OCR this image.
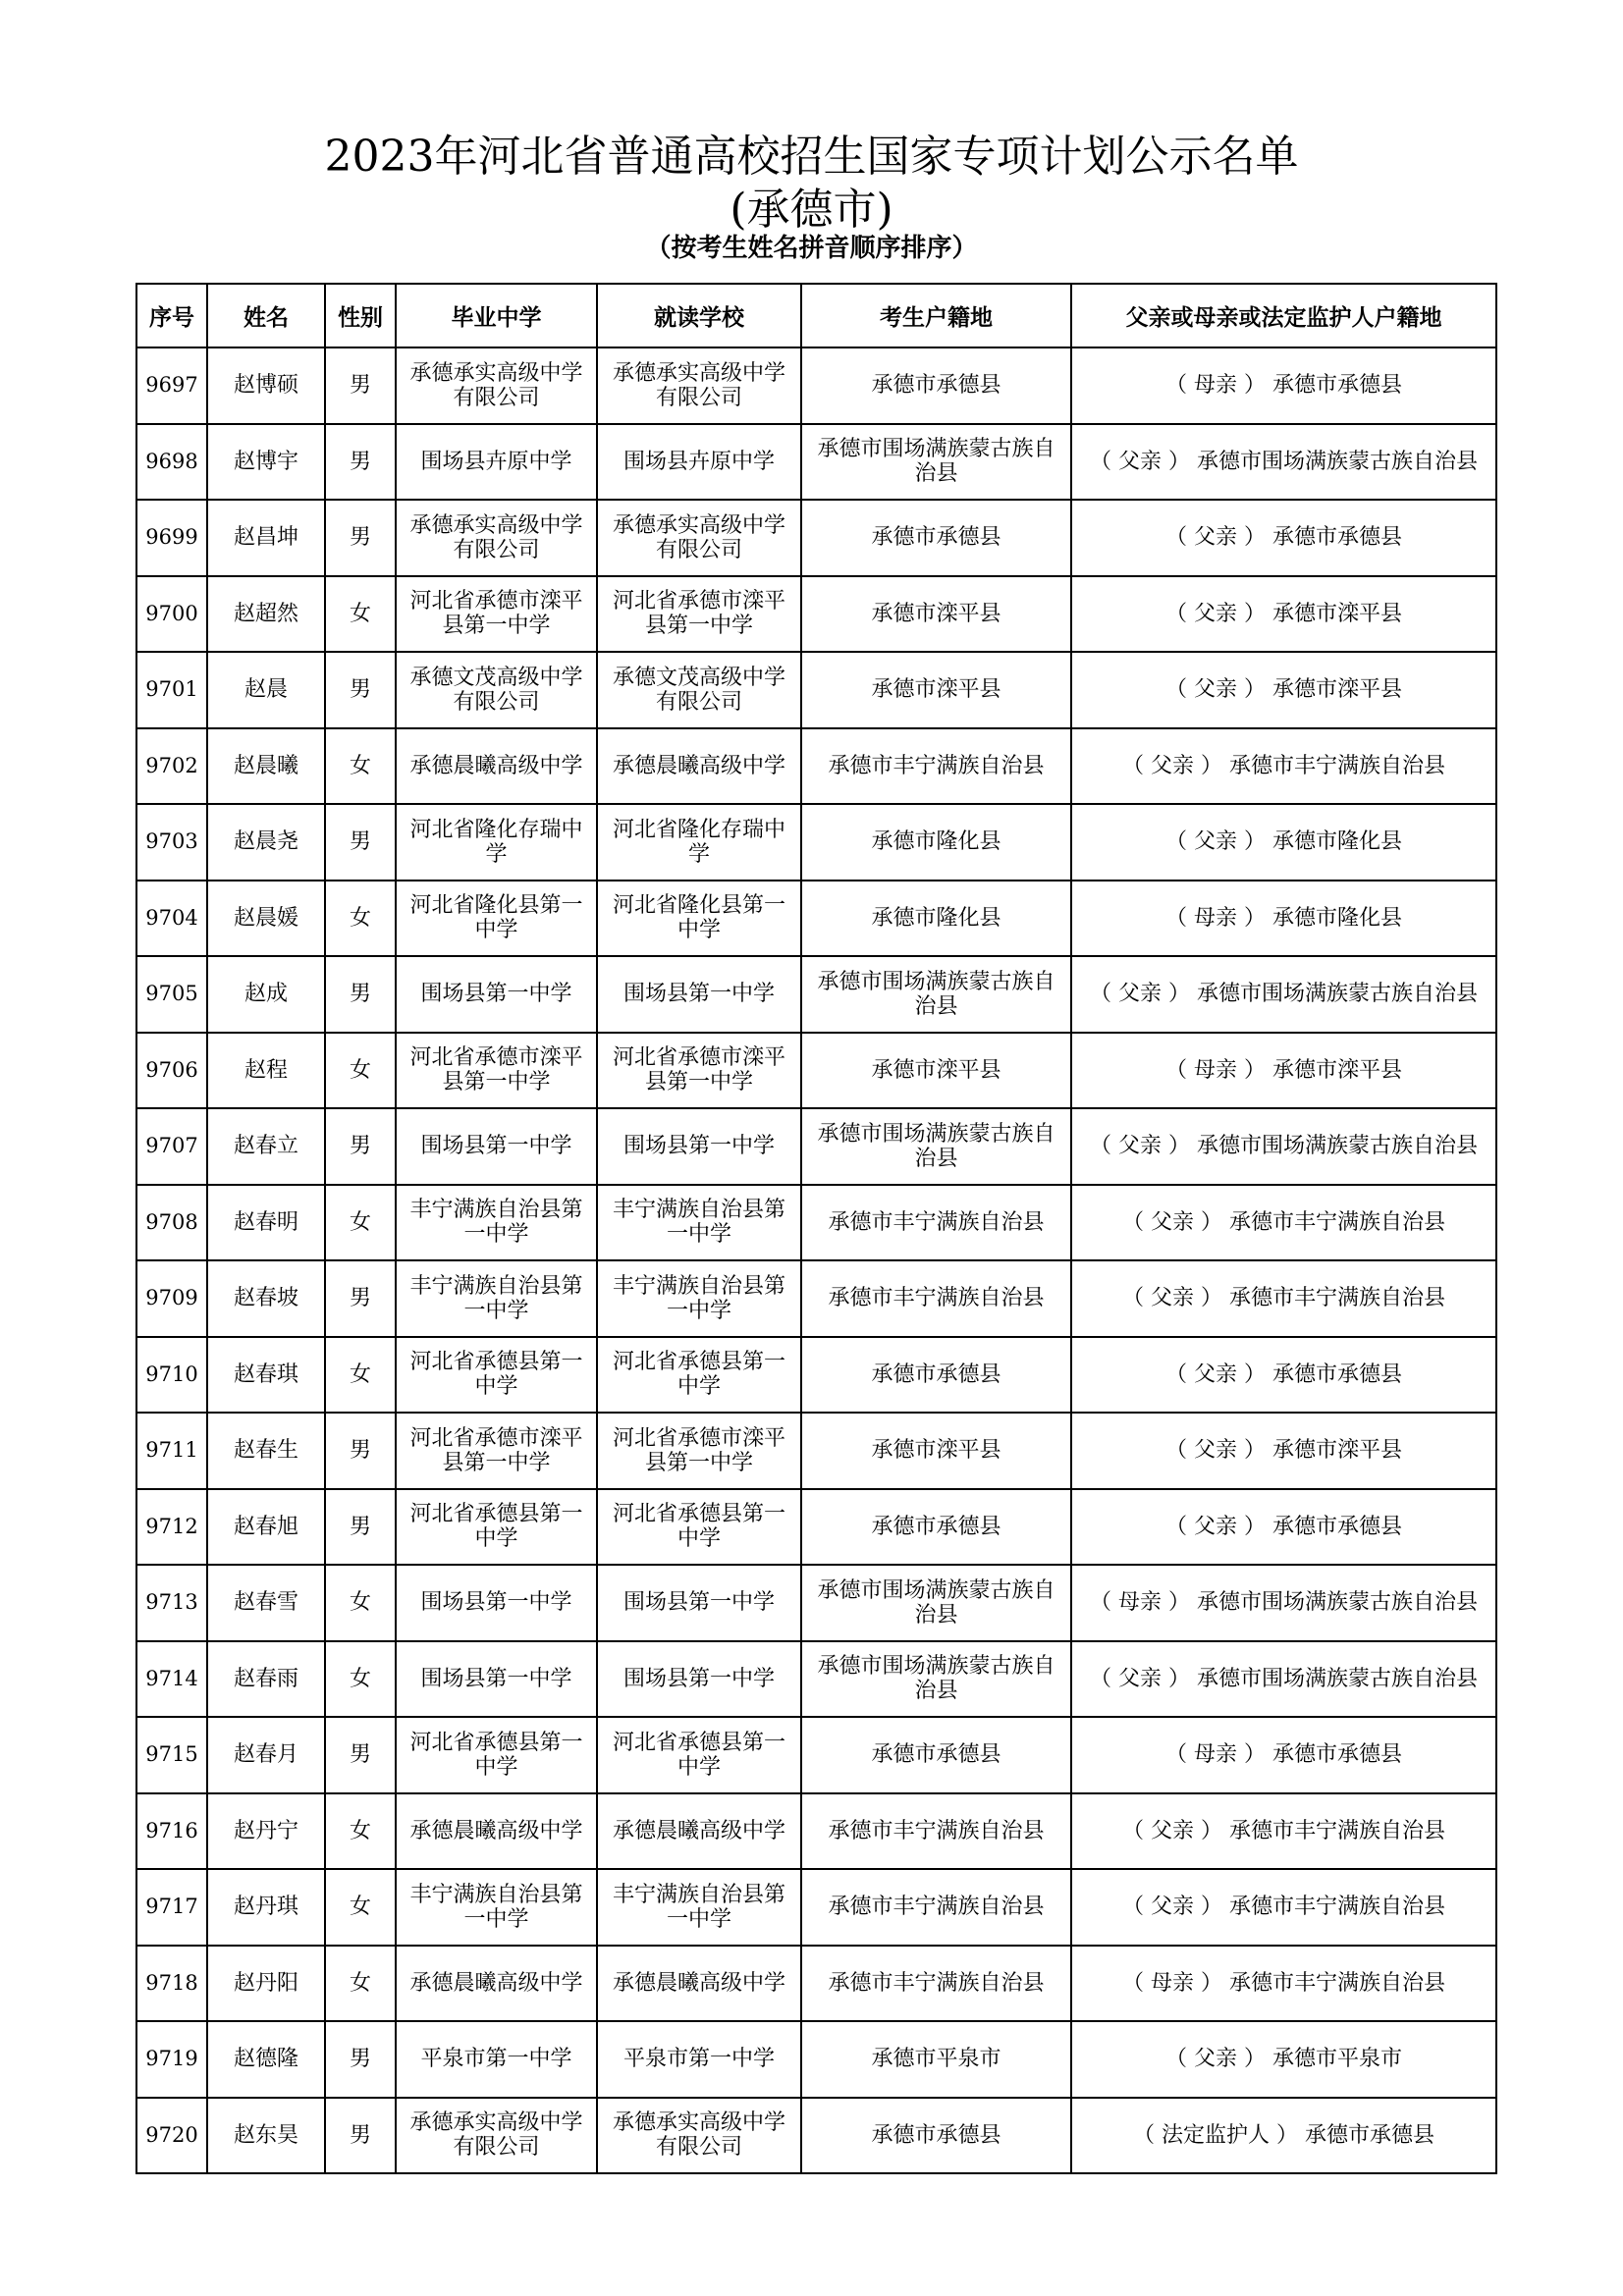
2023年河北省普通高校招生国家专项计划公示名单
(承德市)
（按考生姓名拼音顺序排序）
序号	姓名	性别	毕业中学	就读学校	考生户籍地	父亲或母亲或法定监护人户籍地
9697	赵博硕	男	承德承实高级中学有限公司	承德承实高级中学有限公司	承德市承德县	（ 母亲 ） 承德市承德县
9698	赵博宇	男	围场县卉原中学	围场县卉原中学	承德市围场满族蒙古族自治县	（ 父亲 ） 承德市围场满族蒙古族自治县
9699	赵昌坤	男	承德承实高级中学有限公司	承德承实高级中学有限公司	承德市承德县	（ 父亲 ） 承德市承德县
9700	赵超然	女	河北省承德市滦平县第一中学	河北省承德市滦平县第一中学	承德市滦平县	（ 父亲 ） 承德市滦平县
9701	赵晨	男	承德文茂高级中学有限公司	承德文茂高级中学有限公司	承德市滦平县	（ 父亲 ） 承德市滦平县
9702	赵晨曦	女	承德晨曦高级中学	承德晨曦高级中学	承德市丰宁满族自治县	（ 父亲 ） 承德市丰宁满族自治县
9703	赵晨尧	男	河北省隆化存瑞中学	河北省隆化存瑞中学	承德市隆化县	（ 父亲 ） 承德市隆化县
9704	赵晨媛	女	河北省隆化县第一中学	河北省隆化县第一中学	承德市隆化县	（ 母亲 ） 承德市隆化县
9705	赵成	男	围场县第一中学	围场县第一中学	承德市围场满族蒙古族自治县	（ 父亲 ） 承德市围场满族蒙古族自治县
9706	赵程	女	河北省承德市滦平县第一中学	河北省承德市滦平县第一中学	承德市滦平县	（ 母亲 ） 承德市滦平县
9707	赵春立	男	围场县第一中学	围场县第一中学	承德市围场满族蒙古族自治县	（ 父亲 ） 承德市围场满族蒙古族自治县
9708	赵春明	女	丰宁满族自治县第一中学	丰宁满族自治县第一中学	承德市丰宁满族自治县	（ 父亲 ） 承德市丰宁满族自治县
9709	赵春坡	男	丰宁满族自治县第一中学	丰宁满族自治县第一中学	承德市丰宁满族自治县	（ 父亲 ） 承德市丰宁满族自治县
9710	赵春琪	女	河北省承德县第一中学	河北省承德县第一中学	承德市承德县	（ 父亲 ） 承德市承德县
9711	赵春生	男	河北省承德市滦平县第一中学	河北省承德市滦平县第一中学	承德市滦平县	（ 父亲 ） 承德市滦平县
9712	赵春旭	男	河北省承德县第一中学	河北省承德县第一中学	承德市承德县	（ 父亲 ） 承德市承德县
9713	赵春雪	女	围场县第一中学	围场县第一中学	承德市围场满族蒙古族自治县	（ 母亲 ） 承德市围场满族蒙古族自治县
9714	赵春雨	女	围场县第一中学	围场县第一中学	承德市围场满族蒙古族自治县	（ 父亲 ） 承德市围场满族蒙古族自治县
9715	赵春月	男	河北省承德县第一中学	河北省承德县第一中学	承德市承德县	（ 母亲 ） 承德市承德县
9716	赵丹宁	女	承德晨曦高级中学	承德晨曦高级中学	承德市丰宁满族自治县	（ 父亲 ） 承德市丰宁满族自治县
9717	赵丹琪	女	丰宁满族自治县第一中学	丰宁满族自治县第一中学	承德市丰宁满族自治县	（ 父亲 ） 承德市丰宁满族自治县
9718	赵丹阳	女	承德晨曦高级中学	承德晨曦高级中学	承德市丰宁满族自治县	（ 母亲 ） 承德市丰宁满族自治县
9719	赵德隆	男	平泉市第一中学	平泉市第一中学	承德市平泉市	（ 父亲 ） 承德市平泉市
9720	赵东昊	男	承德承实高级中学有限公司	承德承实高级中学有限公司	承德市承德县	（ 法定监护人 ） 承德市承德县
